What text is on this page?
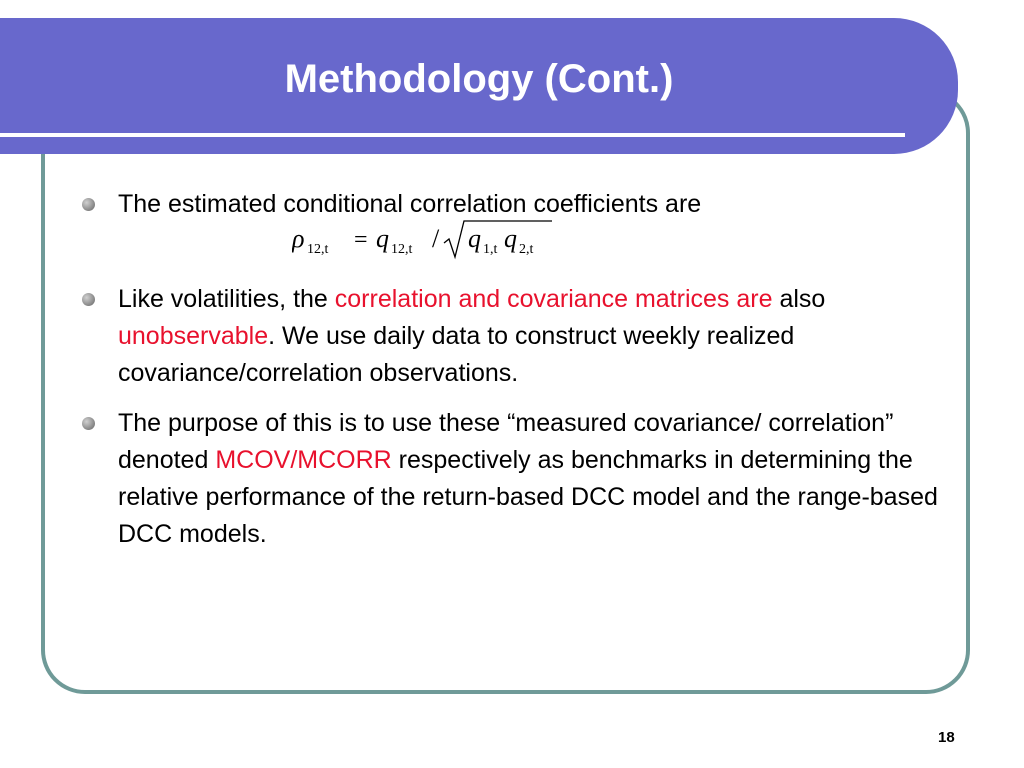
Methodology (Cont.)
The estimated conditional correlation coefficients are
ρ 12,t = q 12,t / q 1,t q 2,t
Like volatilities, the correlation and covariance matrices are also unobservable. We use daily data to construct weekly realized covariance/correlation observations.
The purpose of this is to use these “measured covariance/ correlation” denoted MCOV/MCORR respectively as benchmarks in determining the relative performance of the return-based DCC model and the range-based DCC models.
18
